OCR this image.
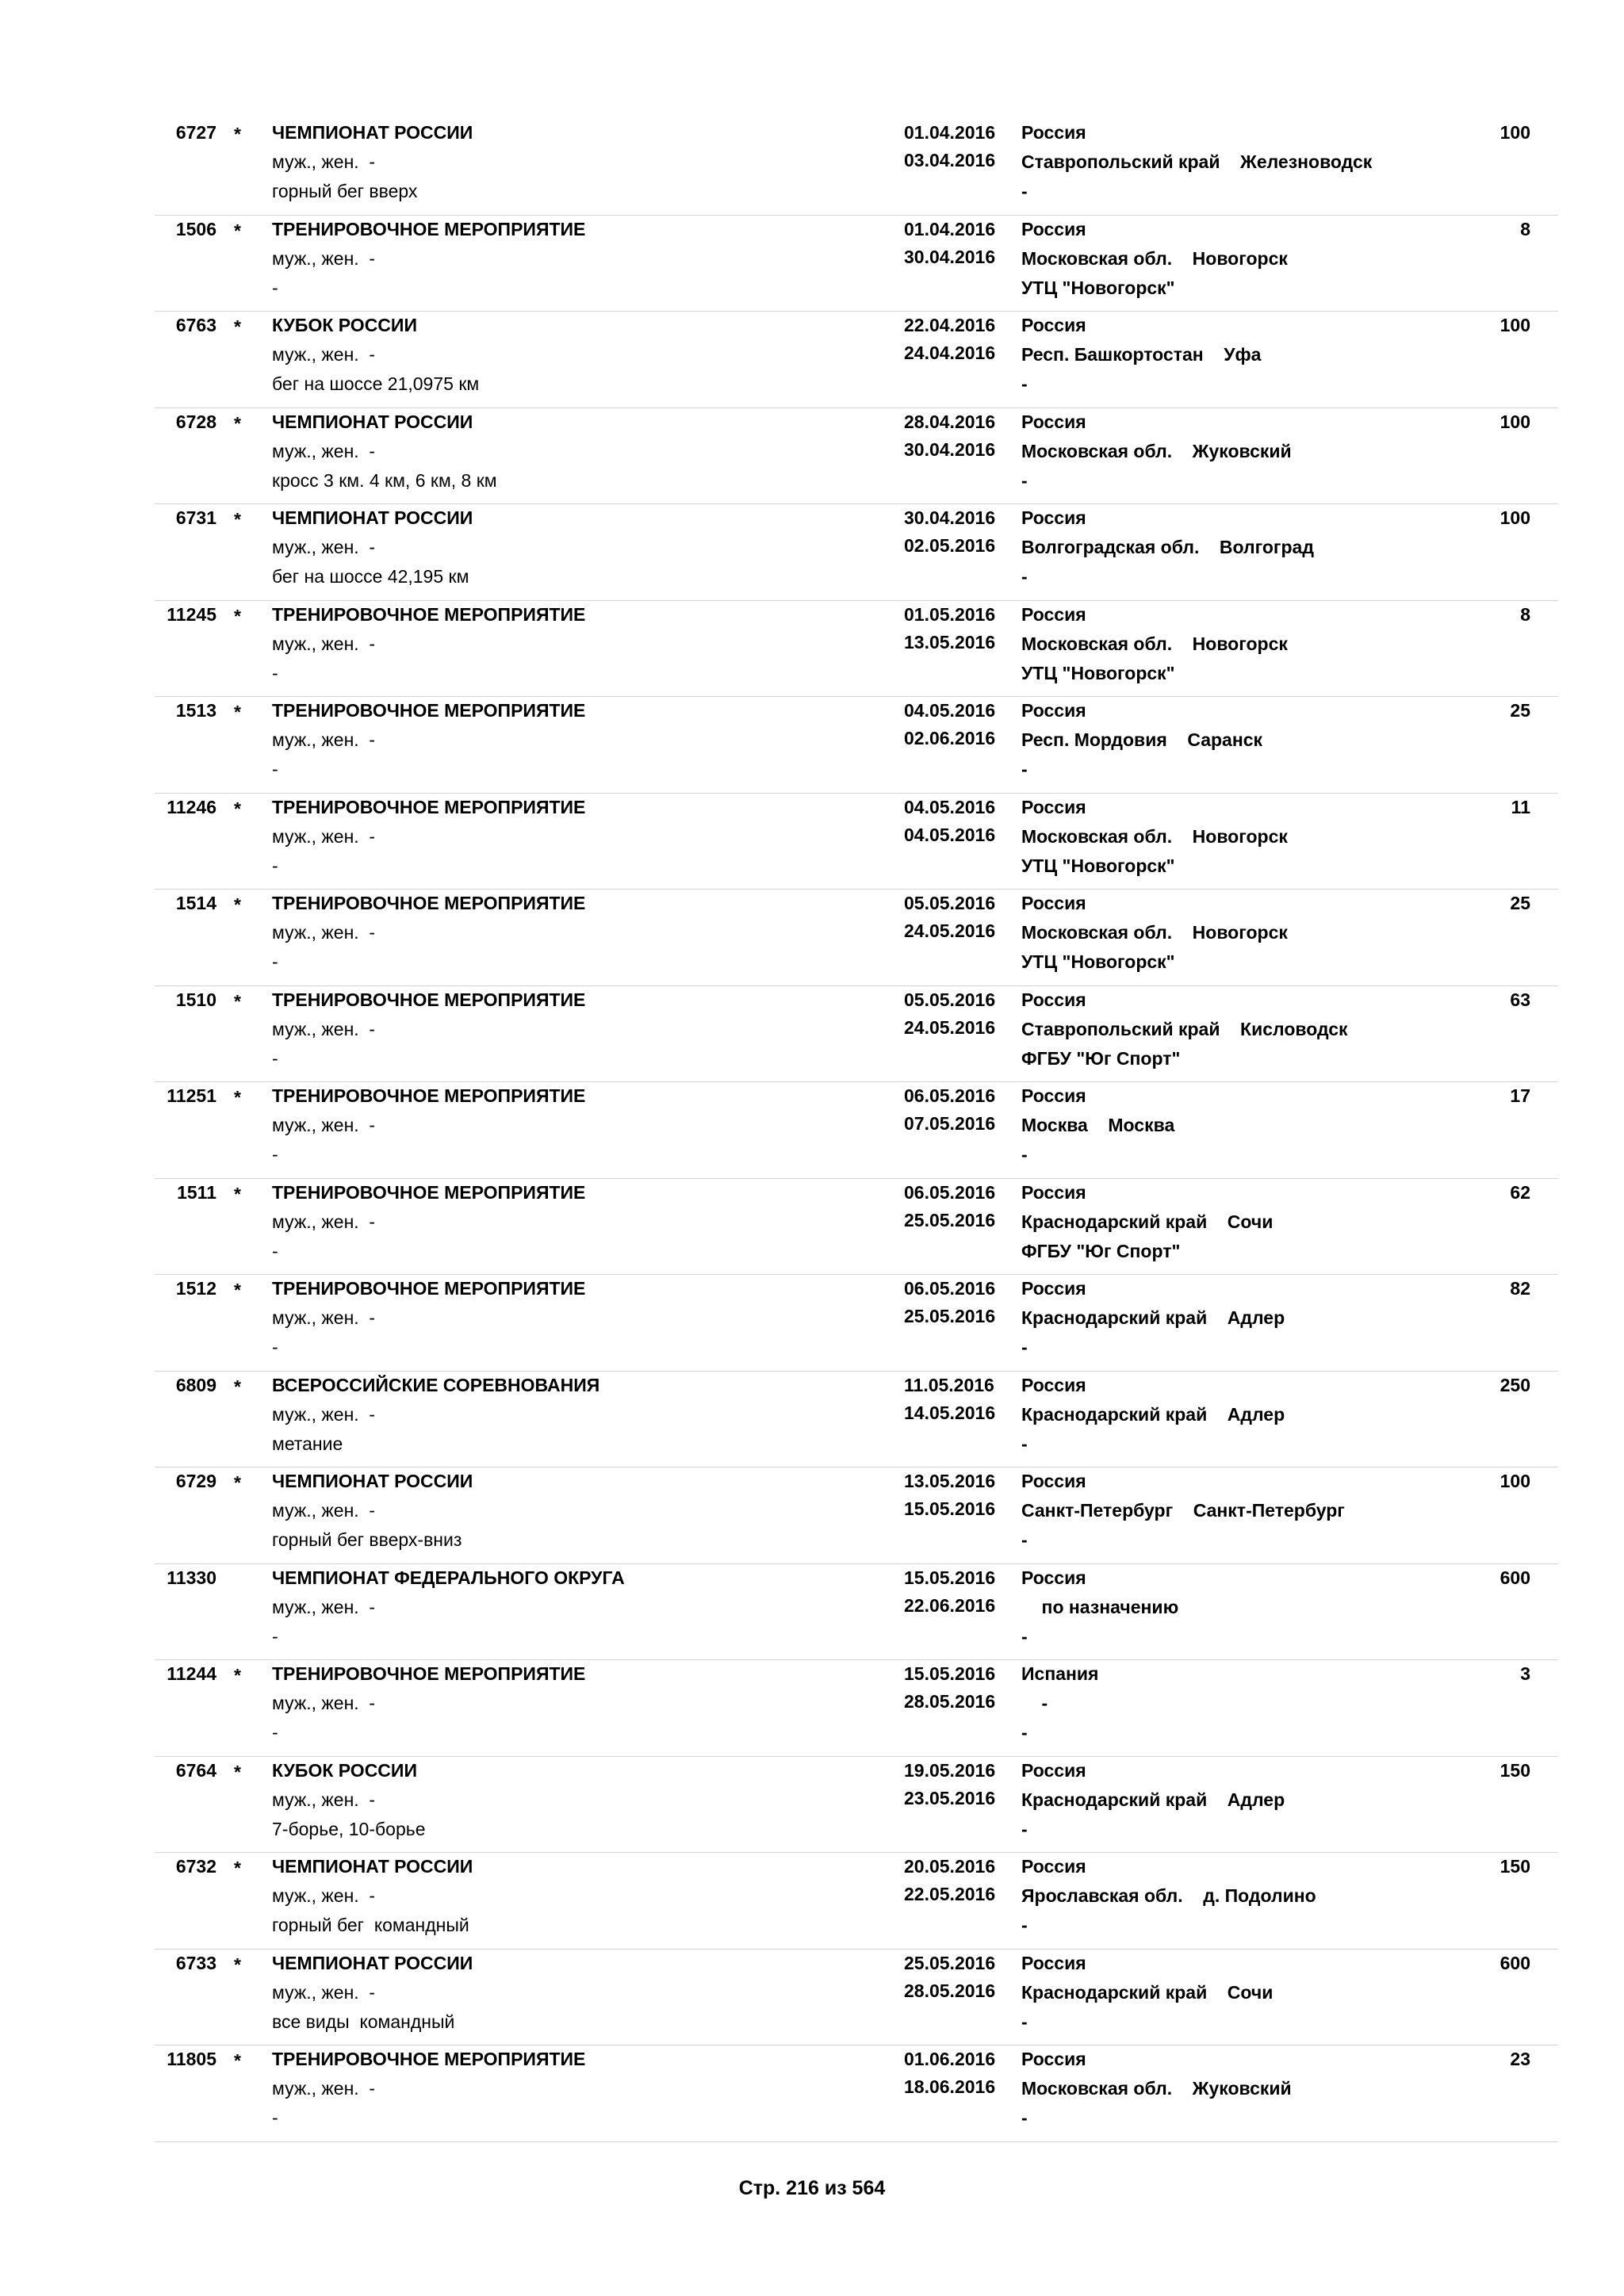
6727 * ЧЕМПИОНАТ РОССИИ
муж., жен.  -
горный бег вверх
01.04.2016
03.04.2016
Россия
Ставропольский край    Железноводск
-
100
1506 * ТРЕНИРОВОЧНОЕ МЕРОПРИЯТИЕ
муж., жен.  -
-
01.04.2016
30.04.2016
Россия
Московская обл.    Новогорск
УТЦ "Новогорск"
8
6763 * КУБОК РОССИИ
муж., жен.  -
бег на шоссе 21,0975 км
22.04.2016
24.04.2016
Россия
Респ. Башкортостан    Уфа
-
100
6728 * ЧЕМПИОНАТ РОССИИ
муж., жен.  -
кросс 3 км. 4 км, 6 км, 8 км
28.04.2016
30.04.2016
Россия
Московская обл.    Жуковский
-
100
6731 * ЧЕМПИОНАТ РОССИИ
муж., жен.  -
бег на шоссе 42,195 км
30.04.2016
02.05.2016
Россия
Волгоградская обл.    Волгоград
-
100
11245 * ТРЕНИРОВОЧНОЕ МЕРОПРИЯТИЕ
муж., жен.  -
-
01.05.2016
13.05.2016
Россия
Московская обл.    Новогорск
УТЦ "Новогорск"
8
1513 * ТРЕНИРОВОЧНОЕ МЕРОПРИЯТИЕ
муж., жен.  -
-
04.05.2016
02.06.2016
Россия
Респ. Мордовия    Саранск
-
25
11246 * ТРЕНИРОВОЧНОЕ МЕРОПРИЯТИЕ
муж., жен.  -
-
04.05.2016
04.05.2016
Россия
Московская обл.    Новогорск
УТЦ "Новогорск"
11
1514 * ТРЕНИРОВОЧНОЕ МЕРОПРИЯТИЕ
муж., жен.  -
-
05.05.2016
24.05.2016
Россия
Московская обл.    Новогорск
УТЦ "Новогорск"
25
1510 * ТРЕНИРОВОЧНОЕ МЕРОПРИЯТИЕ
муж., жен.  -
-
05.05.2016
24.05.2016
Россия
Ставропольский край    Кисловодск
ФГБУ "Юг Спорт"
63
11251 * ТРЕНИРОВОЧНОЕ МЕРОПРИЯТИЕ
муж., жен.  -
-
06.05.2016
07.05.2016
Россия
Москва    Москва
-
17
1511 * ТРЕНИРОВОЧНОЕ МЕРОПРИЯТИЕ
муж., жен.  -
-
06.05.2016
25.05.2016
Россия
Краснодарский край    Сочи
ФГБУ "Юг Спорт"
62
1512 * ТРЕНИРОВОЧНОЕ МЕРОПРИЯТИЕ
муж., жен.  -
-
06.05.2016
25.05.2016
Россия
Краснодарский край    Адлер
-
82
6809 * ВСЕРОССИЙСКИЕ СОРЕВНОВАНИЯ
муж., жен.  -
метание
11.05.2016
14.05.2016
Россия
Краснодарский край    Адлер
-
250
6729 * ЧЕМПИОНАТ РОССИИ
муж., жен.  -
горный бег вверх-вниз
13.05.2016
15.05.2016
Россия
Санкт-Петербург    Санкт-Петербург
-
100
11330	ЧЕМПИОНАТ ФЕДЕРАЛЬНОГО ОКРУГА
муж., жен.  -
-
15.05.2016
22.06.2016
Россия
по назначению
-
600
11244 * ТРЕНИРОВОЧНОЕ МЕРОПРИЯТИЕ
муж., жен.  -
-
15.05.2016
28.05.2016
Испания
-
-
3
6764 * КУБОК РОССИИ
муж., жен.  -
7-борье, 10-борье
19.05.2016
23.05.2016
Россия
Краснодарский край    Адлер
-
150
6732 * ЧЕМПИОНАТ РОССИИ
муж., жен.  -
горный бег  командный
20.05.2016
22.05.2016
Россия
Ярославская обл.    д. Подолино
-
150
6733 * ЧЕМПИОНАТ РОССИИ
муж., жен.  -
все виды  командный
25.05.2016
28.05.2016
Россия
Краснодарский край    Сочи
-
600
11805 * ТРЕНИРОВОЧНОЕ МЕРОПРИЯТИЕ
муж., жен.  -
-
01.06.2016
18.06.2016
Россия
Московская обл.    Жуковский
-
23
Стр. 216 из 564
